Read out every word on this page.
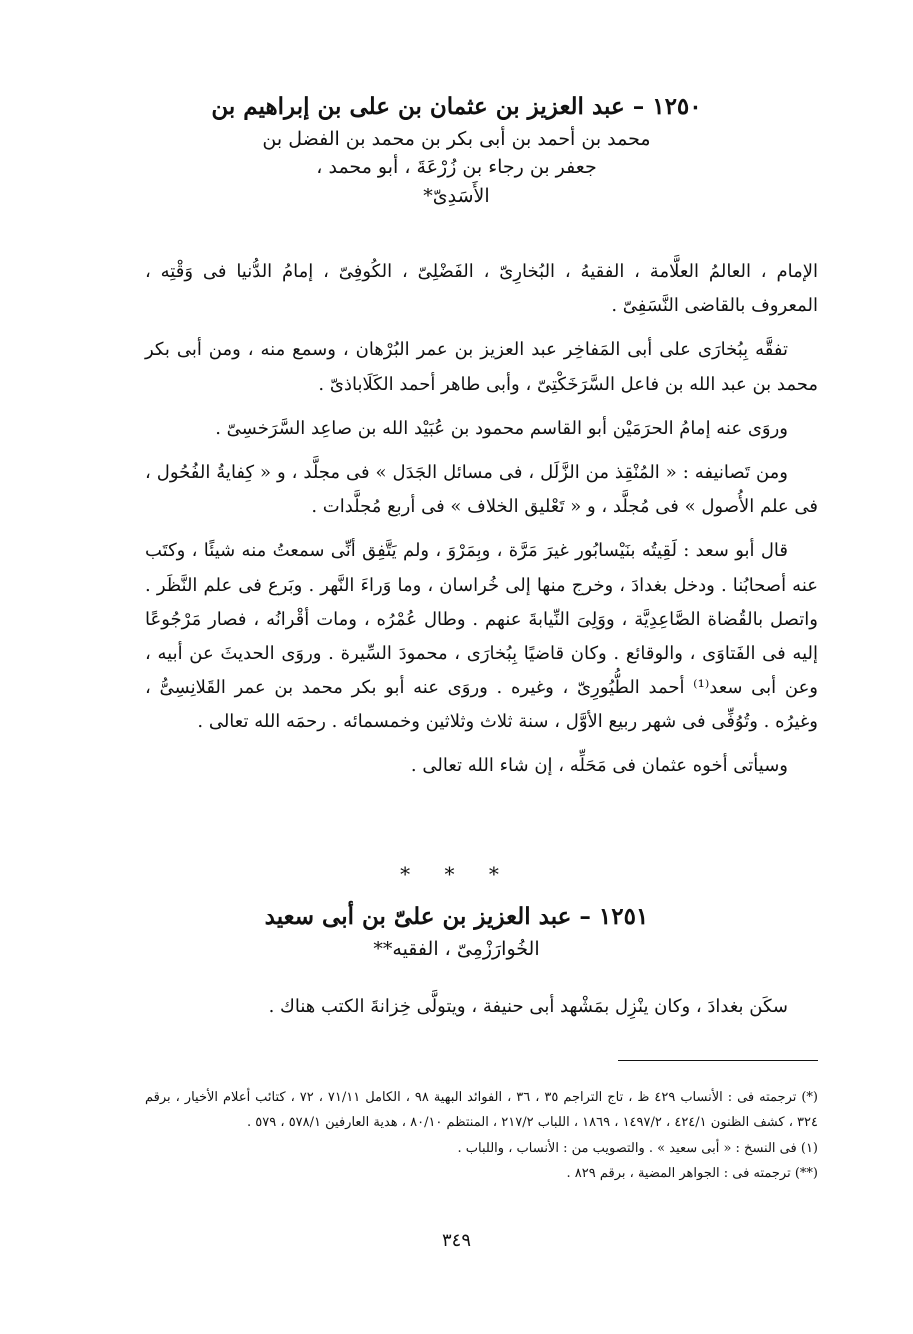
١٢٥٠ – عبد العزيز بن عثمان بن على بن إبراهيم بن
محمد بن أحمد بن أبى بكر بن محمد بن الفضل بن
جعفر بن رجاء بن زُرْعَةَ ، أبو محمد ،
الأَسَدِىّ*

الإمام ، العالمُ العلَّامة ، الفقيهُ ، البُخارِىّ ، الفَضْلِىّ ، الكُوفِىّ ، إمامُ الدُّنيا فى وَقْتِه ، المعروف بالقاضى النَّسَفِىّ .

تفقَّه بِبُخارَى على أبى المَفاخِر عبد العزيز بن عمر البُرْهان ، وسمع منه ، ومن أبى بكر محمد بن عبد الله بن فاعل السَّرَخَكْتِىّ ، وأبى طاهر أحمد الكَلَاباذىّ .

وروَى عنه إمامُ الحرَمَيْن أبو القاسم محمود بن عُبَيْد الله بن صاعِد السَّرَخسِىّ .

ومن تَصانيفه : « المُنْقِذ من الزَّلَل ، فى مسائل الجَدَل » فى مجلَّد ، و « كِفايةُ الفُحُول ، فى علم الأُصول » فى مُجلَّد ، و « تَعْليق الخلاف » فى أربع مُجلَّدات .

قال أبو سعد : لَقِيتُه بنَيْسابُور غيرَ مَرَّة ، وبِمَرْوَ ، ولم يَتَّفِق أنِّى سمعتُ منه شيئًا ، وكتَب عنه أصحابُنا . ودخل بغدادَ ، وخرج منها إلى خُراسان ، وما وَراءَ النَّهر . وبَرع فى علم النَّظَر . واتصل بالقُضاة الصَّاعِدِيَّة ، ووَلِىَ النِّيابةَ عنهم . وطال عُمْرُه ، ومات أقْرانُه ، فصار مَرْجُوعًا إليه فى الفَتاوَى ، والوقائع . وكان قاضيًا بِبُخارَى ، محمودَ السِّيرة . وروَى الحديثَ عن أبيه ، وعن أبى سعد⁽¹⁾ أحمد الطُّيُورِىّ ، وغيره . وروَى عنه أبو بكر محمد بن عمر القَلانِسِىُّ ، وغيرُه . وتُوُفِّى فى شهر ربيع الأوَّل ، سنة ثلاث وثلاثين وخمسمائه . رحمَه الله تعالى .

وسيأتى أخوه عثمان فى مَحَلِّه ، إن شاء الله تعالى .

* * *
١٢٥١ – عبد العزيز بن علىّ بن أبى سعيد
الخُوارَزْمِىّ ، الفقيه**
سكَن بغدادَ ، وكان ينْزِل بمَشْهد أبى حنيفة ، ويتولَّى خِزانةَ الكتب هناك .

(*) ترجمته فى : الأنساب ٤٢٩ ظ ، تاج التراجم ٣٥ ، ٣٦ ، الفوائد البهية ٩٨ ، الكامل ٧١/١١ ، ٧٢ ، كتائب أعلام الأخيار ، برقم ٣٢٤ ، كشف الظنون ٤٢٤/١ ، ١٤٩٧/٢ ، ١٨٦٩ ، اللباب ٢١٧/٢ ، المنتظم ٨٠/١٠ ، هدية العارفين ٥٧٨/١ ، ٥٧٩ .

(١) فى النسخ : « أبى سعيد » . والتصويب من : الأنساب ، واللباب .

(**) ترجمته فى : الجواهر المضية ، برقم ٨٢٩ .

٣٤٩
